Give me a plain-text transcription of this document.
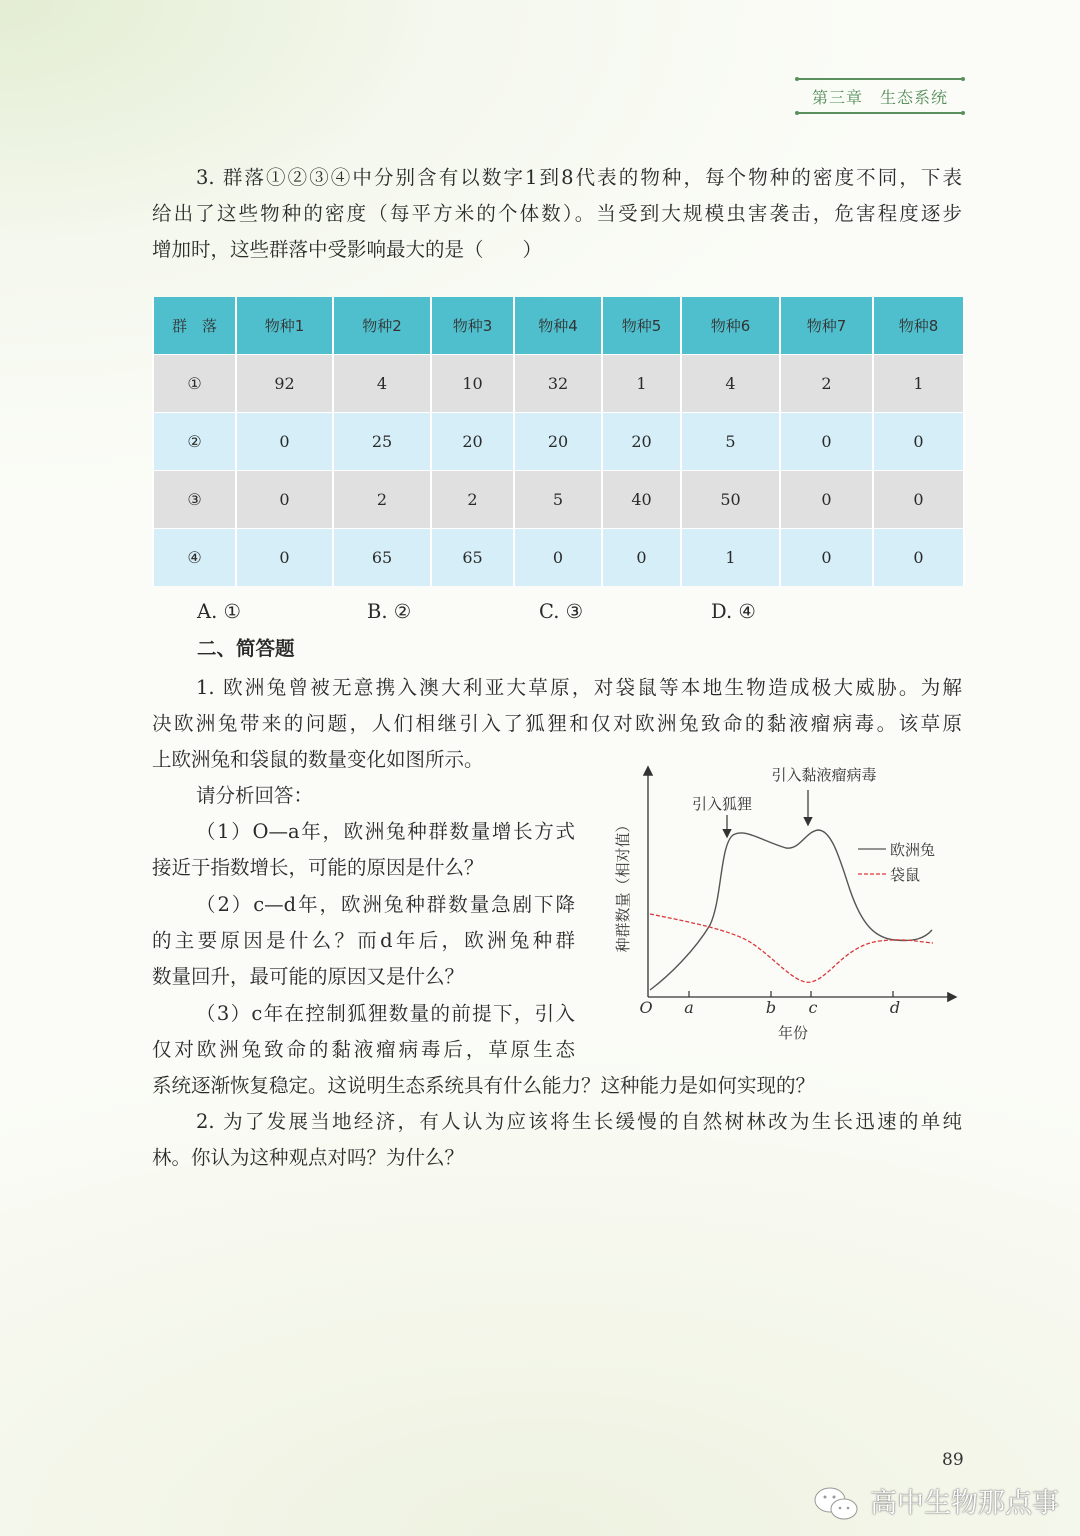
第三章　生态系统
3. 群落①②③④中分别含有以数字1到8代表的物种，每个物种的密度不同，下表
给出了这些物种的密度（每平方米的个体数）。当受到大规模虫害袭击，危害程度逐步
增加时，这些群落中受影响最大的是（　　）
群　落	物种1	物种2	物种3	物种4	物种5	物种6	物种7	物种8
①	92	4	10	32	1	4	2	1
②	0	25	20	20	20	5	0	0
③	0	2	2	5	40	50	0	0
④	0	65	65	0	0	1	0	0
A. ①	B. ②	C. ③	D. ④
二、简答题
1. 欧洲兔曾被无意携入澳大利亚大草原，对袋鼠等本地生物造成极大威胁。为解
决欧洲兔带来的问题，人们相继引入了狐狸和仅对欧洲兔致命的黏液瘤病毒。该草原
上欧洲兔和袋鼠的数量变化如图所示。
请分析回答：
（1）O—a年，欧洲兔种群数量增长方式
接近于指数增长，可能的原因是什么？
（2）c—d年，欧洲兔种群数量急剧下降
的主要原因是什么？而d年后，欧洲兔种群
数量回升，最可能的原因又是什么？
（3）c年在控制狐狸数量的前提下，引入
仅对欧洲兔致命的黏液瘤病毒后，草原生态
系统逐渐恢复稳定。这说明生态系统具有什么能力？这种能力是如何实现的？
2. 为了发展当地经济，有人认为应该将生长缓慢的自然树林改为生长迅速的单纯
林。你认为这种观点对吗？为什么？
引入狐狸
引入黏液瘤病毒
欧洲兔
袋鼠
O a	b c	d
年份
种群数量（相对值）
89
高中生物那点事
